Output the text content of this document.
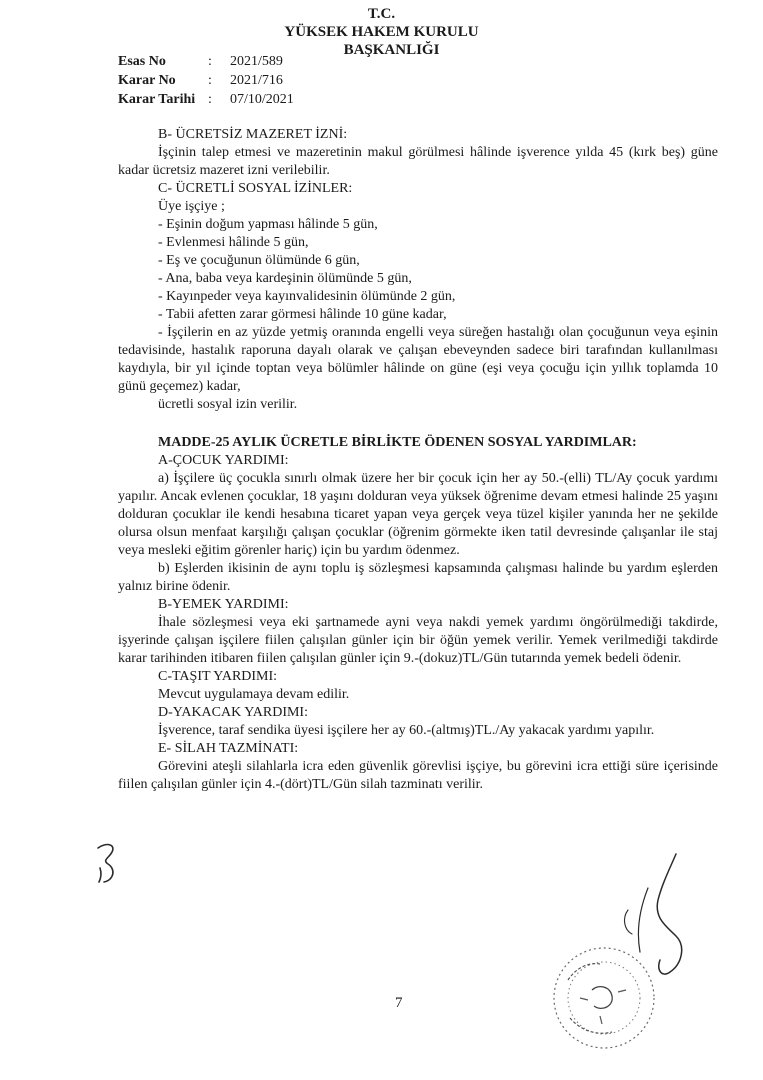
T.C.
YÜKSEK HAKEM KURULU
BAŞKANLIĞI
Esas No	:	2021/589
Karar No	:	2021/716
Karar Tarihi :	07/10/2021

B- ÜCRETSİZ MAZERET İZNİ:

İşçinin talep etmesi ve mazeretinin makul görülmesi hâlinde işverence yılda 45 (kırk beş) güne kadar ücretsiz mazeret izni verilebilir.

C- ÜCRETLİ SOSYAL İZİNLER:

Üye işçiye ;

- Eşinin doğum yapması hâlinde 5 gün,

- Evlenmesi hâlinde 5 gün,

- Eş ve çocuğunun ölümünde 6 gün,

- Ana, baba veya kardeşinin ölümünde 5 gün,

- Kayınpeder veya kayınvalidesinin ölümünde 2 gün,

- Tabii afetten zarar görmesi hâlinde 10 güne kadar,

- İşçilerin en az yüzde yetmiş oranında engelli veya süreğen hastalığı olan çocuğunun veya eşinin tedavisinde, hastalık raporuna dayalı olarak ve çalışan ebeveynden sadece biri tarafından kullanılması kaydıyla, bir yıl içinde toptan veya bölümler hâlinde on güne (eşi veya çocuğu için yıllık toplamda 10 günü geçemez) kadar,

ücretli sosyal izin verilir.

MADDE-25 AYLIK ÜCRETLE BİRLİKTE ÖDENEN SOSYAL YARDIMLAR:

A-ÇOCUK YARDIMI:

a) İşçilere üç çocukla sınırlı olmak üzere her bir çocuk için her ay 50.-(elli) TL/Ay çocuk yardımı yapılır. Ancak evlenen çocuklar, 18 yaşını dolduran veya yüksek öğrenime devam etmesi halinde 25 yaşını dolduran çocuklar ile kendi hesabına ticaret yapan veya gerçek veya tüzel kişiler yanında her ne şekilde olursa olsun menfaat karşılığı çalışan çocuklar (öğrenim görmekte iken tatil devresinde çalışanlar ile staj veya mesleki eğitim görenler hariç) için bu yardım ödenmez.

b) Eşlerden ikisinin de aynı toplu iş sözleşmesi kapsamında çalışması halinde bu yardım eşlerden yalnız birine ödenir.

B-YEMEK YARDIMI:

İhale sözleşmesi veya eki şartnamede ayni veya nakdi yemek yardımı öngörülmediği takdirde, işyerinde çalışan işçilere fiilen çalışılan günler için bir öğün yemek verilir. Yemek verilmediği takdirde karar tarihinden itibaren fiilen çalışılan günler için 9.-(dokuz)TL/Gün tutarında yemek bedeli ödenir.

C-TAŞIT YARDIMI:

Mevcut uygulamaya devam edilir.

D-YAKACAK YARDIMI:

İşverence, taraf sendika üyesi işçilere her ay 60.-(altmış)TL./Ay yakacak yardımı yapılır.

E- SİLAH TAZMİNATI:

Görevini ateşli silahlarla icra eden güvenlik görevlisi işçiye, bu görevini icra ettiği süre içerisinde fiilen çalışılan günler için 4.-(dört)TL/Gün silah tazminatı verilir.

7
